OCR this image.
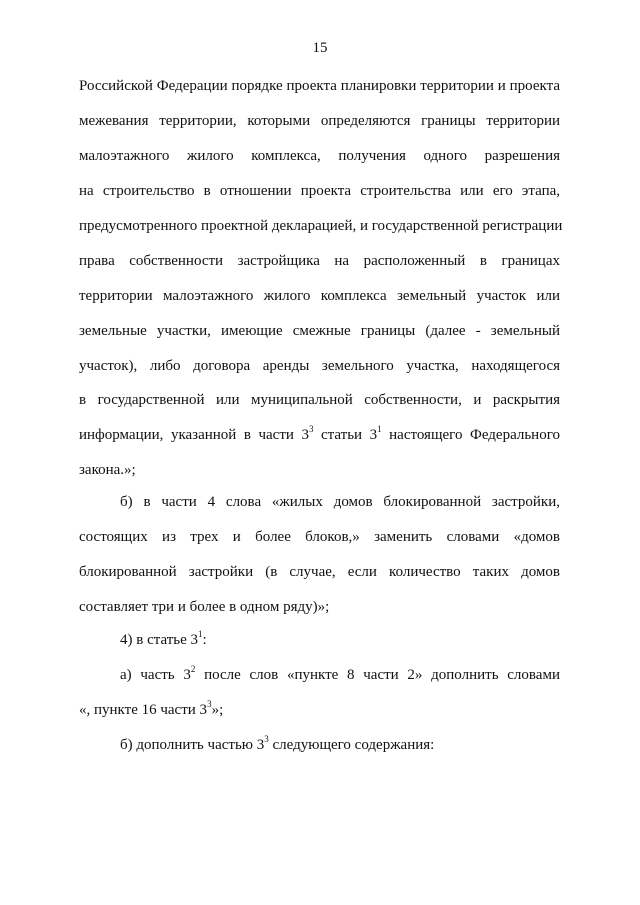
15
Российской Федерации порядке проекта планировки территории и проекта
межевания территории, которыми определяются границы территории
малоэтажного жилого комплекса, получения одного разрешения
на строительство в отношении проекта строительства или его этапа,
предусмотренного проектной декларацией, и государственной регистрации
права собственности застройщика на расположенный в границах
территории малоэтажного жилого комплекса земельный участок или
земельные участки, имеющие смежные границы (далее - земельный
участок), либо договора аренды земельного участка, находящегося
в государственной или муниципальной собственности, и раскрытия
информации, указанной в части $3^3$ статьи $3^1$ настоящего Федерального
закона.»;
б) в части 4 слова «жилых домов блокированной застройки,
состоящих из трех и более блоков,» заменить словами «домов
блокированной застройки (в случае, если количество таких домов
составляет три и более в одном ряду)»;
4) в статье $3^1$:
а) часть $3^2$ после слов «пункте 8 части 2» дополнить словами
«, пункте 16 части $3^3$»;
б) дополнить частью $3^3$ следующего содержания:
